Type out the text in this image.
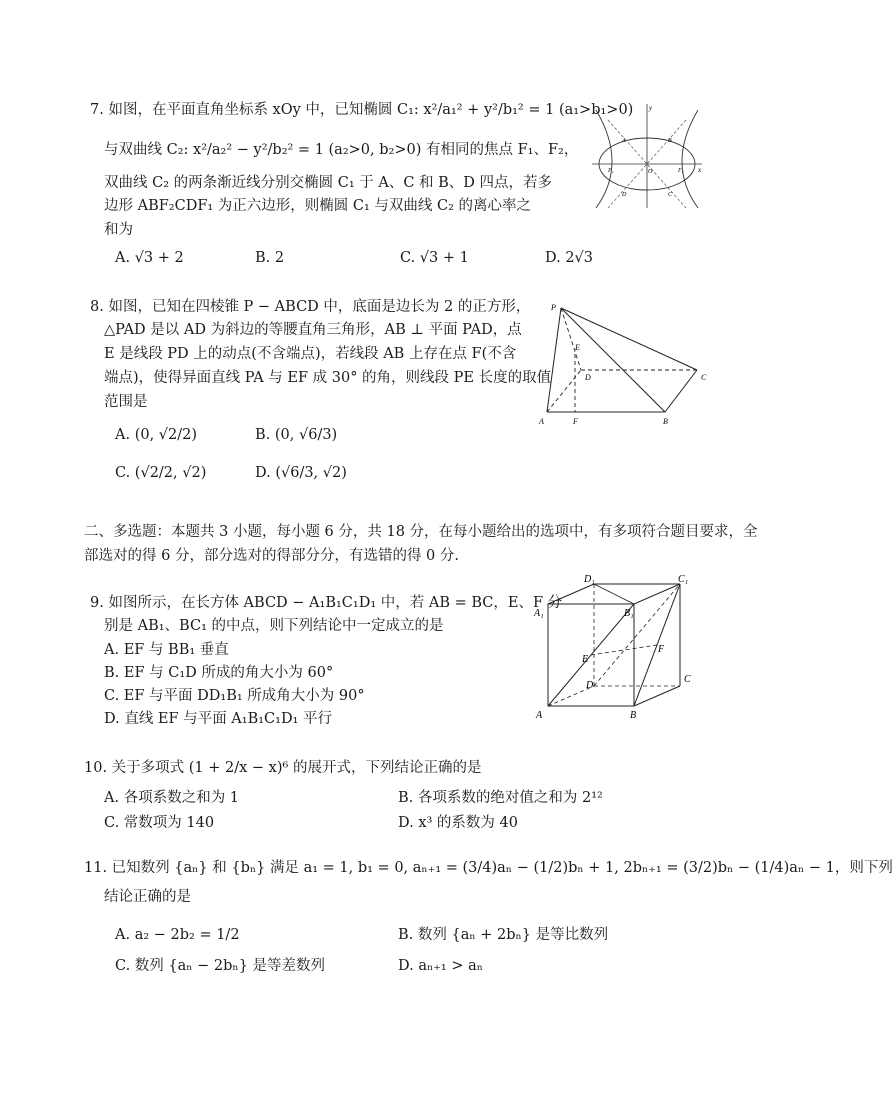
7. 如图，在平面直角坐标系 xOy 中，已知椭圆 C₁: x²/a₁² + y²/b₁² = 1 (a₁>b₁>0)
与双曲线 C₂: x²/a₂² − y²/b₂² = 1 (a₂>0, b₂>0) 有相同的焦点 F₁、F₂，
双曲线 C₂ 的两条渐近线分别交椭圆 C₁ 于 A、C 和 B、D 四点，若多
边形 ABF₂CDF₁ 为正六边形，则椭圆 C₁ 与双曲线 C₂ 的离心率之
和为
A. √3 + 2	B. 2	C. √3 + 1	D. 2√3
y
x
O
A	B
C
D
F₁	F₂
8. 如图，已知在四棱锥 P − ABCD 中，底面是边长为 2 的正方形，
△PAD 是以 AD 为斜边的等腰直角三角形，AB ⊥ 平面 PAD，点
E 是线段 PD 上的动点(不含端点)，若线段 AB 上存在点 F(不含
端点)，使得异面直线 PA 与 EF 成 30° 的角，则线段 PE 长度的取值
范围是
A. (0, √2/2)	B. (0, √6/3)
C. (√2/2, √2)	D. (√6/3, √2)
P
E
D	C
A	F	B
二、多选题：本题共 3 小题，每小题 6 分，共 18 分，在每小题给出的选项中，有多项符合题目要求，全
部选对的得 6 分，部分选对的得部分分，有选错的得 0 分.
9. 如图所示，在长方体 ABCD − A₁B₁C₁D₁ 中，若 AB = BC，E、F 分
别是 AB₁、BC₁ 的中点，则下列结论中一定成立的是
A. EF 与 BB₁ 垂直
B. EF 与 C₁D 所成的角大小为 60°
C. EF 与平面 DD₁B₁ 所成角大小为 90°
D. 直线 EF 与平面 A₁B₁C₁D₁ 平行
D₁	C₁
A₁	B₁
E
F
D
C
A	B
10. 关于多项式 (1 + 2/x − x)⁶ 的展开式，下列结论正确的是
A. 各项系数之和为 1	B. 各项系数的绝对值之和为 2¹²
C. 常数项为 140	D. x³ 的系数为 40
11. 已知数列 {aₙ} 和 {bₙ} 满足 a₁ = 1, b₁ = 0, aₙ₊₁ = (3/4)aₙ − (1/2)bₙ + 1, 2bₙ₊₁ = (3/2)bₙ − (1/4)aₙ − 1，则下列
结论正确的是
A. a₂ − 2b₂ = 1/2	B. 数列 {aₙ + 2bₙ} 是等比数列
C. 数列 {aₙ − 2bₙ} 是等差数列	D. aₙ₊₁ > aₙ
